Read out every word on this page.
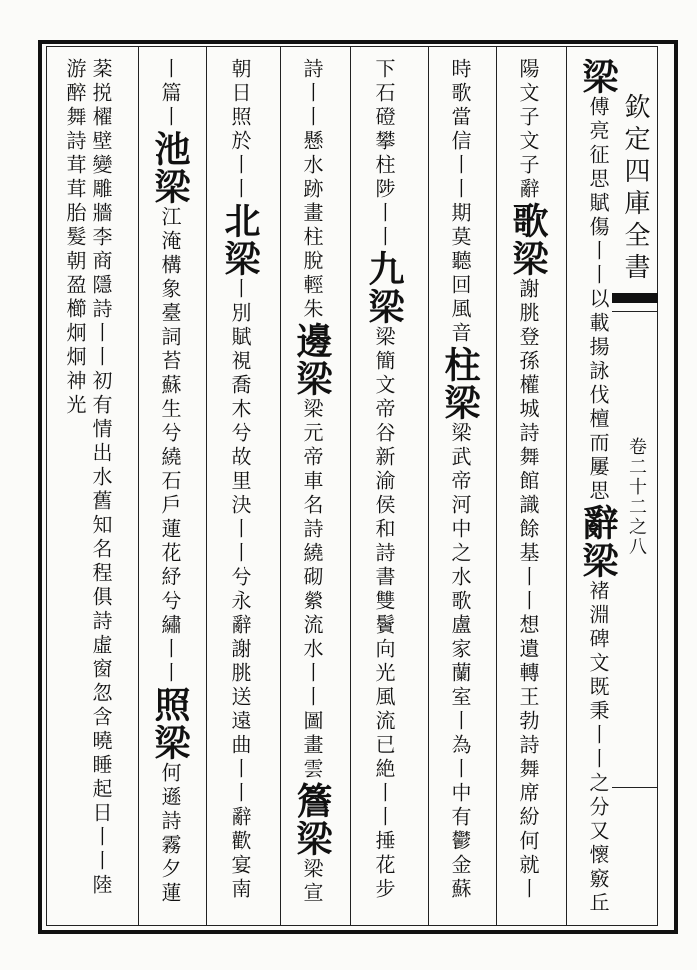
欽定四庫全書
卷二十二之八
梁傅亮征思賦傷丨丨以載揚詠伐檀而屢思辭梁褚淵碑文既秉丨丨之分又懷竅丘
陽文子文子辭歌梁謝朓登孫權城詩舞館識餘基丨丨想遺轉王勃詩舞席紛何就丨
時歌當信丨丨期莫聽回風音柱梁梁武帝河中之水歌盧家蘭室丨為丨中有鬱金蘇
下石磴攀柱陟丨丨九梁梁簡文帝谷新渝侯和詩書雙鬢向光風流已絶丨丨捶花步
詩丨丨懸水跡畫柱脫輕朱邊梁梁元帝車名詩繞砌縈流水丨丨圖畫雲簷梁梁宣
朝日照於丨丨北梁丨別賦視喬木兮故里決丨丨兮永辭謝朓送遠曲丨丨辭歡宴南
丨篇丨池梁江淹構象臺詞苔蘇生兮繞石戶蓮花紓兮繡丨丨照梁何遜詩霧夕蓮
棻捝櫂壁變雕牆李商隱詩丨丨初有情出水舊知名程俱詩虛窗忽含曉睡起日丨丨陸游醉舞詩茸茸胎髮朝盈櫛炯炯神光
